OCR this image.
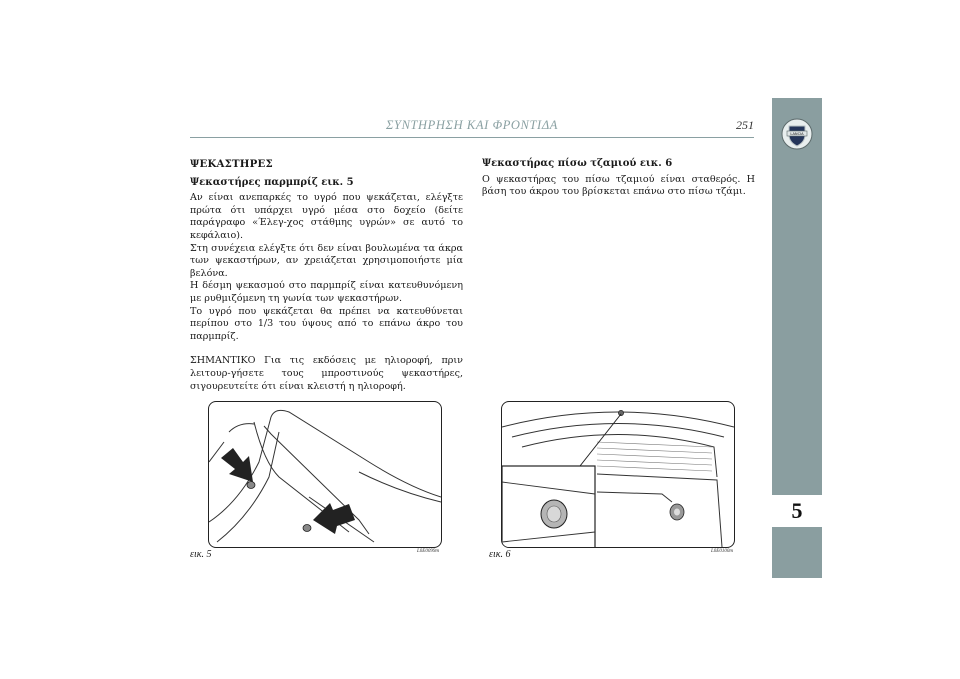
ΣΥΝΤΗΡΗΣΗ ΚΑΙ ΦΡΟΝΤΙΔΑ	251
5
LANCIA

ΨΕΚΑΣΤΗΡΕΣ

Ψεκαστήρες παρμπρίζ εικ. 5

Αν είναι ανεπαρκές το υγρό που ψεκάζεται, ελέγξτε πρώτα ότι υπάρχει υγρό μέσα στο δοχείο (δείτε παράγραφο «Έλεγ-χος στάθμης υγρών» σε αυτό το κεφάλαιο).
Στη συνέχεια ελέγξτε ότι δεν είναι βουλωμένα τα άκρα των ψεκαστήρων, αν χρειάζεται χρησιμοποιήστε μία βελόνα.
Η δέσμη ψεκασμού στο παρμπρίζ είναι κατευθυνόμενη με ρυθμιζόμενη τη γωνία των ψεκαστήρων.
Το υγρό που ψεκάζεται θα πρέπει να κατευθύνεται περίπου στο 1/3 του ύψους από το επάνω άκρο του παρμπρίζ.

ΣΗΜΑΝΤΙΚΟ Για τις εκδόσεις με ηλιοροφή, πριν λειτουρ-γήσετε τους μπροστινούς ψεκαστήρες, σιγουρευτείτε ότι είναι κλειστή η ηλιοροφή.

Ψεκαστήρας πίσω τζαμιού εικ. 6

Ο ψεκαστήρας του πίσω τζαμιού είναι σταθερός. Η βάση του άκρου του βρίσκεται επάνω στο πίσω τζάμι.

εικ. 5	L0E0099m	εικ. 6	L0E0100m
